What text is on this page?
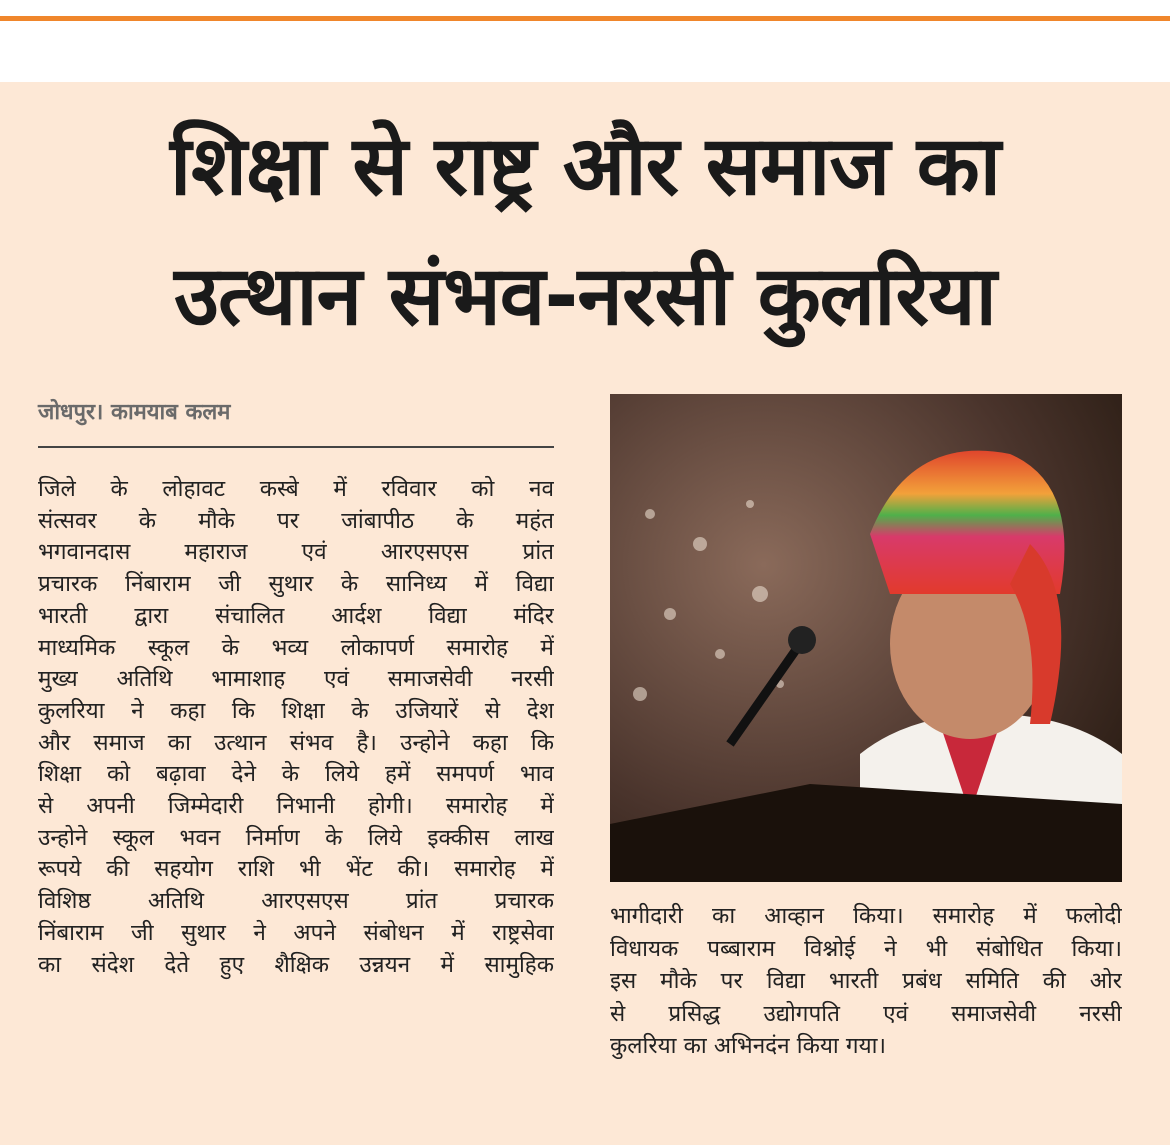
शिक्षा से राष्ट्र और समाज का
उत्थान संभव-नरसी कुलरिया
जोधपुर। कामयाब कलम
जिले के लोहावट कस्बे में रविवार को नव
संत्सवर के मौके पर जांबापीठ के महंत
भगवानदास महाराज एवं आरएसएस प्रांत
प्रचारक निंबाराम जी सुथार के सानिध्य में विद्या
भारती द्वारा संचालित आर्दश विद्या मंदिर
माध्यमिक स्कूल के भव्य लोकापर्ण समारोह में
मुख्य अतिथि भामाशाह एवं समाजसेवी नरसी
कुलरिया ने कहा कि शिक्षा के उजियारें से देश
और समाज का उत्थान संभव है। उन्होने कहा कि
शिक्षा को बढ़ावा देने के लिये हमें समपर्ण भाव
से अपनी जिम्मेदारी निभानी होगी। समारोह में
उन्होने स्कूल भवन निर्माण के लिये इक्कीस लाख
रूपये की सहयोग राशि भी भेंट की। समारोह में
विशिष्ठ अतिथि आरएसएस प्रांत प्रचारक
निंबाराम जी सुथार ने अपने संबोधन में राष्ट्रसेवा
का संदेश देते हुए शैक्षिक उन्नयन में सामुहिक
भागीदारी का आव्हान किया। समारोह में फलोदी
विधायक पब्बाराम विश्नोई ने भी संबोधित किया।
इस मौके पर विद्या भारती प्रबंध समिति की ओर
से प्रसिद्ध उद्योगपति एवं समाजसेवी नरसी
कुलरिया का अभिनदंन किया गया।
